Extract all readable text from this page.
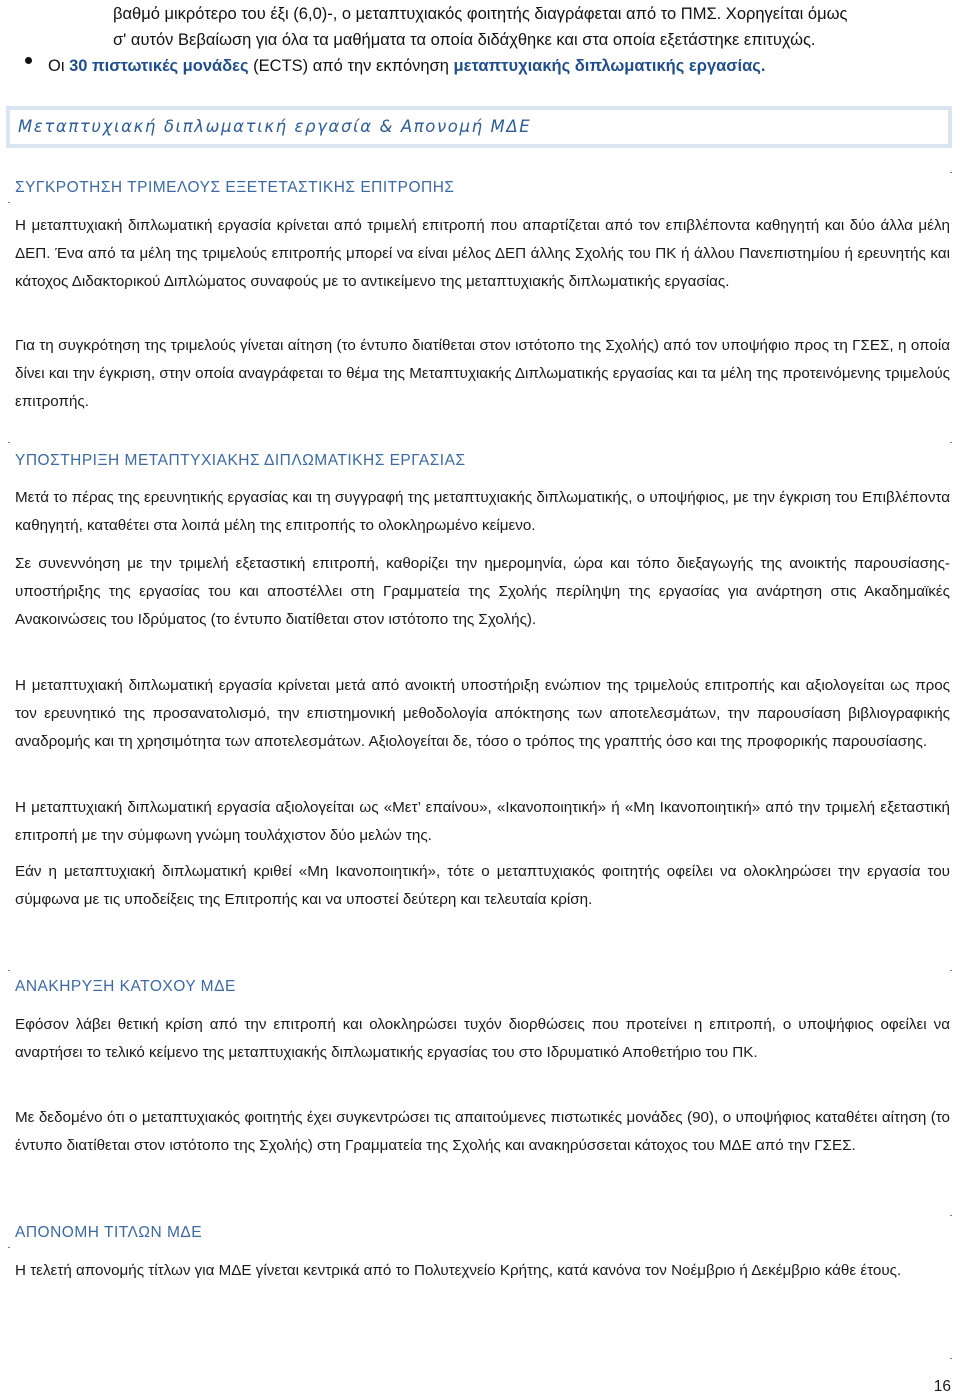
βαθμό μικρότερο του έξι (6,0)-, ο μεταπτυχιακός φοιτητής διαγράφεται από το ΠΜΣ. Χορηγείται όμως
σ' αυτόν Βεβαίωση για όλα τα μαθήματα τα οποία διδάχθηκε και στα οποία εξετάστηκε επιτυχώς.
Οι 30 πιστωτικές μονάδες (ECTS) από την εκπόνηση μεταπτυχιακής διπλωματικής εργασίας.
Μεταπτυχιακή διπλωματική εργασία & Απονομή ΜΔΕ
ΣΥΓΚΡΟΤΗΣΗ ΤΡΙΜΕΛΟΥΣ ΕΞΕΤΕΤΑΣΤΙΚΗΣ ΕΠΙΤΡΟΠΗΣ
Η μεταπτυχιακή διπλωματική εργασία κρίνεται από τριμελή επιτροπή που απαρτίζεται από τον επιβλέποντα καθηγητή και δύο άλλα μέλη ΔΕΠ. Ένα από τα μέλη της τριμελούς επιτροπής μπορεί να είναι μέλος ΔΕΠ άλλης Σχολής του ΠΚ ή άλλου Πανεπιστημίου ή ερευνητής και κάτοχος Διδακτορικού Διπλώματος συναφούς με το αντικείμενο της μεταπτυχιακής διπλωματικής εργασίας.
Για τη συγκρότηση της τριμελούς γίνεται αίτηση (το έντυπο διατίθεται στον ιστότοπο της Σχολής) από τον υποψήφιο προς τη ΓΣΕΣ, η οποία δίνει και την έγκριση, στην οποία αναγράφεται το θέμα της Μεταπτυχιακής Διπλωματικής εργασίας και τα μέλη της προτεινόμενης τριμελούς επιτροπής.
ΥΠΟΣΤΗΡΙΞΗ ΜΕΤΑΠΤΥΧΙΑΚΗΣ ΔΙΠΛΩΜΑΤΙΚΗΣ ΕΡΓΑΣΙΑΣ
Μετά το πέρας της ερευνητικής εργασίας και τη συγγραφή της μεταπτυχιακής διπλωματικής, ο υποψήφιος, με την έγκριση του Επιβλέποντα καθηγητή, καταθέτει στα λοιπά μέλη της επιτροπής το ολοκληρωμένο κείμενο.
Σε συνεννόηση με την τριμελή εξεταστική επιτροπή, καθορίζει την ημερομηνία, ώρα και τόπο διεξαγωγής της ανοικτής παρουσίασης-υποστήριξης της εργασίας του και αποστέλλει στη Γραμματεία της Σχολής περίληψη της εργασίας για ανάρτηση στις Ακαδημαϊκές Ανακοινώσεις του Ιδρύματος (το έντυπο διατίθεται στον ιστότοπο της Σχολής).
Η μεταπτυχιακή διπλωματική εργασία κρίνεται μετά από ανοικτή υποστήριξη ενώπιον της τριμελούς επιτροπής και αξιολογείται ως προς τον ερευνητικό της προσανατολισμό, την επιστημονική μεθοδολογία απόκτησης των αποτελεσμάτων, την παρουσίαση βιβλιογραφικής αναδρομής και τη χρησιμότητα των αποτελεσμάτων. Αξιολογείται δε, τόσο ο τρόπος της γραπτής όσο και της προφορικής παρουσίασης.
Η μεταπτυχιακή διπλωματική εργασία αξιολογείται ως «Μετ’ επαίνου», «Ικανοποιητική» ή «Μη Ικανοποιητική» από την τριμελή εξεταστική επιτροπή με την σύμφωνη γνώμη τουλάχιστον δύο μελών της.
Εάν η μεταπτυχιακή διπλωματική κριθεί «Μη Ικανοποιητική», τότε ο μεταπτυχιακός φοιτητής οφείλει να ολοκληρώσει την εργασία του σύμφωνα με τις υποδείξεις της Επιτροπής και να υποστεί δεύτερη και τελευταία κρίση.
ΑΝΑΚΗΡΥΞΗ ΚΑΤΟΧΟΥ ΜΔΕ
Εφόσον λάβει θετική κρίση από την επιτροπή και ολοκληρώσει τυχόν διορθώσεις που προτείνει η επιτροπή, ο υποψήφιος οφείλει να αναρτήσει το τελικό κείμενο της μεταπτυχιακής διπλωματικής εργασίας του στο Ιδρυματικό Αποθετήριο του ΠΚ.
Με δεδομένο ότι ο μεταπτυχιακός φοιτητής έχει συγκεντρώσει τις απαιτούμενες πιστωτικές μονάδες (90), ο υποψήφιος καταθέτει αίτηση (το έντυπο διατίθεται στον ιστότοπο της Σχολής) στη Γραμματεία της Σχολής και ανακηρύσσεται κάτοχος του ΜΔΕ από την ΓΣΕΣ.
ΑΠΟΝΟΜΗ ΤΙΤΛΩΝ ΜΔΕ
Η τελετή απονομής τίτλων για ΜΔΕ γίνεται κεντρικά από το Πολυτεχνείο Κρήτης, κατά κανόνα τον Νοέμβριο ή Δεκέμβριο κάθε έτους.
16
